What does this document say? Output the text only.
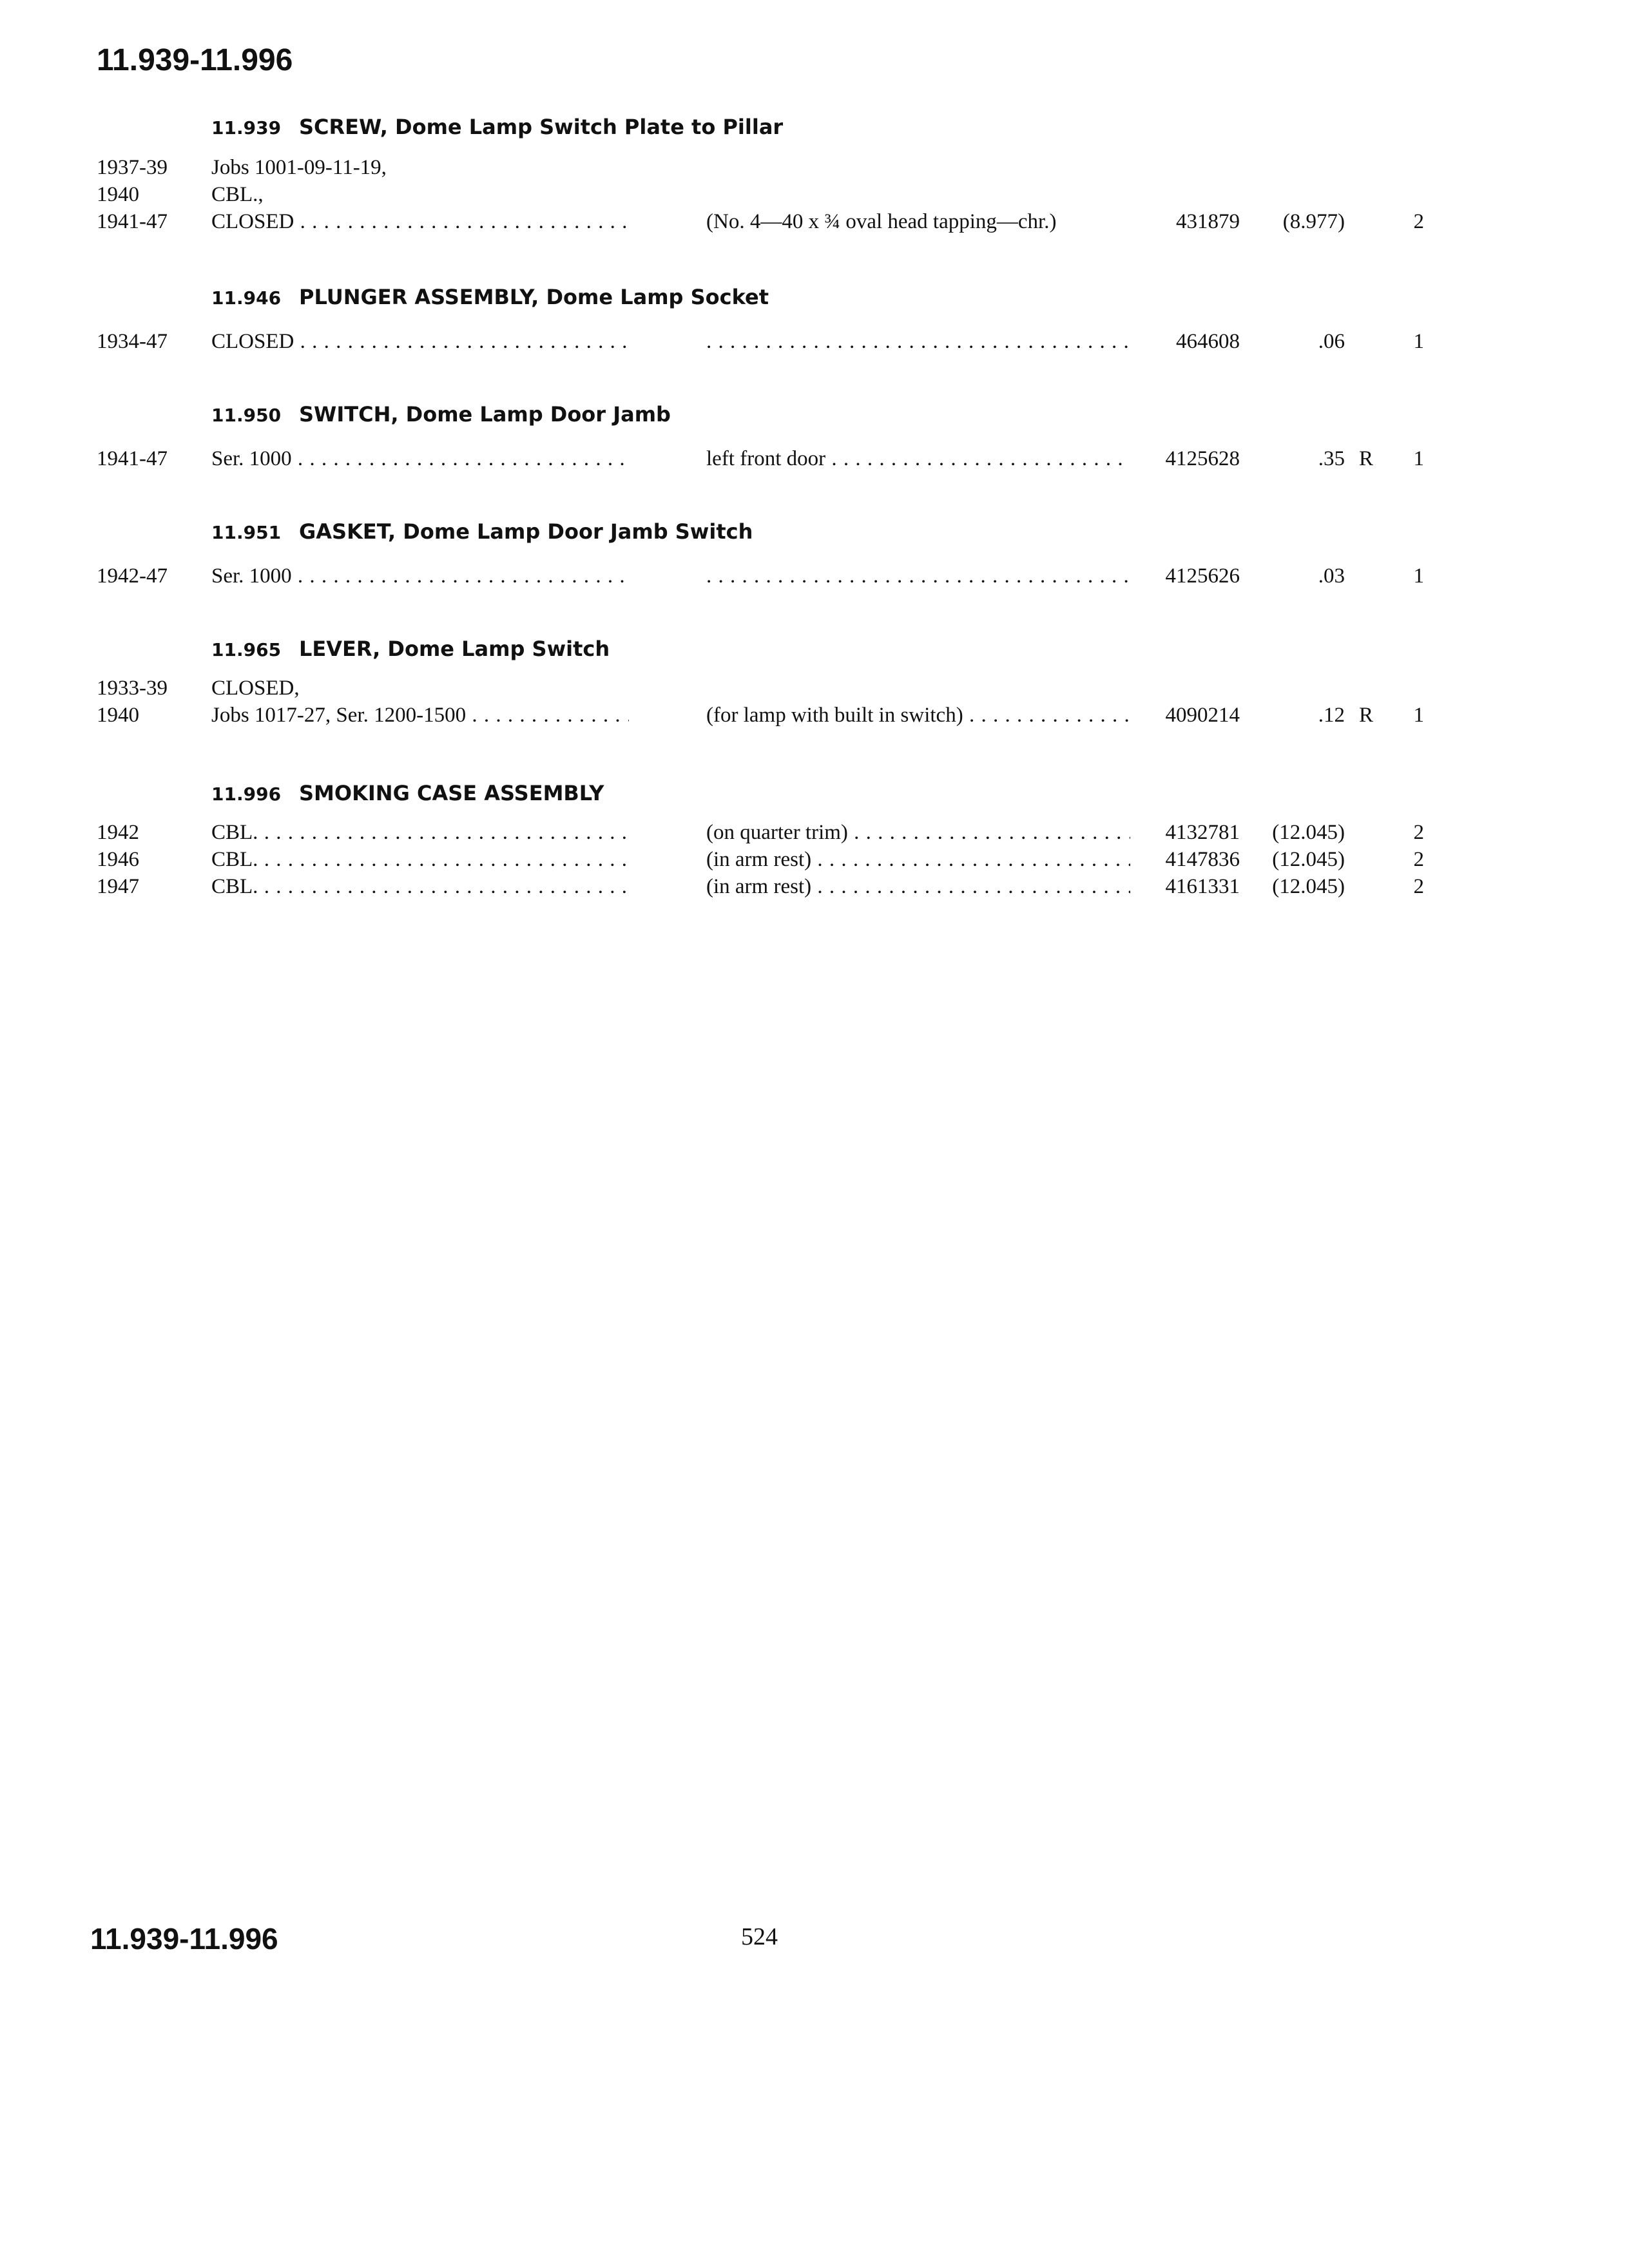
11.939-11.996
11.939 SCREW, Dome Lamp Switch Plate to Pillar
1937-39	Jobs 1001-09-11-19,
1940	CBL.,
1941-47	CLOSED . . .	(No. 4—40 x ¾ oval head tapping—chr.)	431879	(8.977)	2
11.946 PLUNGER ASSEMBLY, Dome Lamp Socket
1934-47	CLOSED . . . . . .	464608	.06	1
11.950 SWITCH, Dome Lamp Door Jamb
1941-47	Ser. 1000 . . .	left front door . . .	4125628	.35 R	1
11.951 GASKET, Dome Lamp Door Jamb Switch
1942-47	Ser. 1000 . . . . . .	4125626	.03	1
11.965 LEVER, Dome Lamp Switch
1933-39	CLOSED,
1940	Jobs 1017-27, Ser. 1200-1500 . . .	(for lamp with built in switch) . . .	4090214	.12 R	1
11.996 SMOKING CASE ASSEMBLY
1942	CBL. . . .	(on quarter trim) . . .	4132781	(12.045)	2
1946	CBL. . . .	(in arm rest) . . .	4147836	(12.045)	2
1947	CBL. . . .	(in arm rest) . . .	4161331	(12.045)	2
11.939-11.996	524
